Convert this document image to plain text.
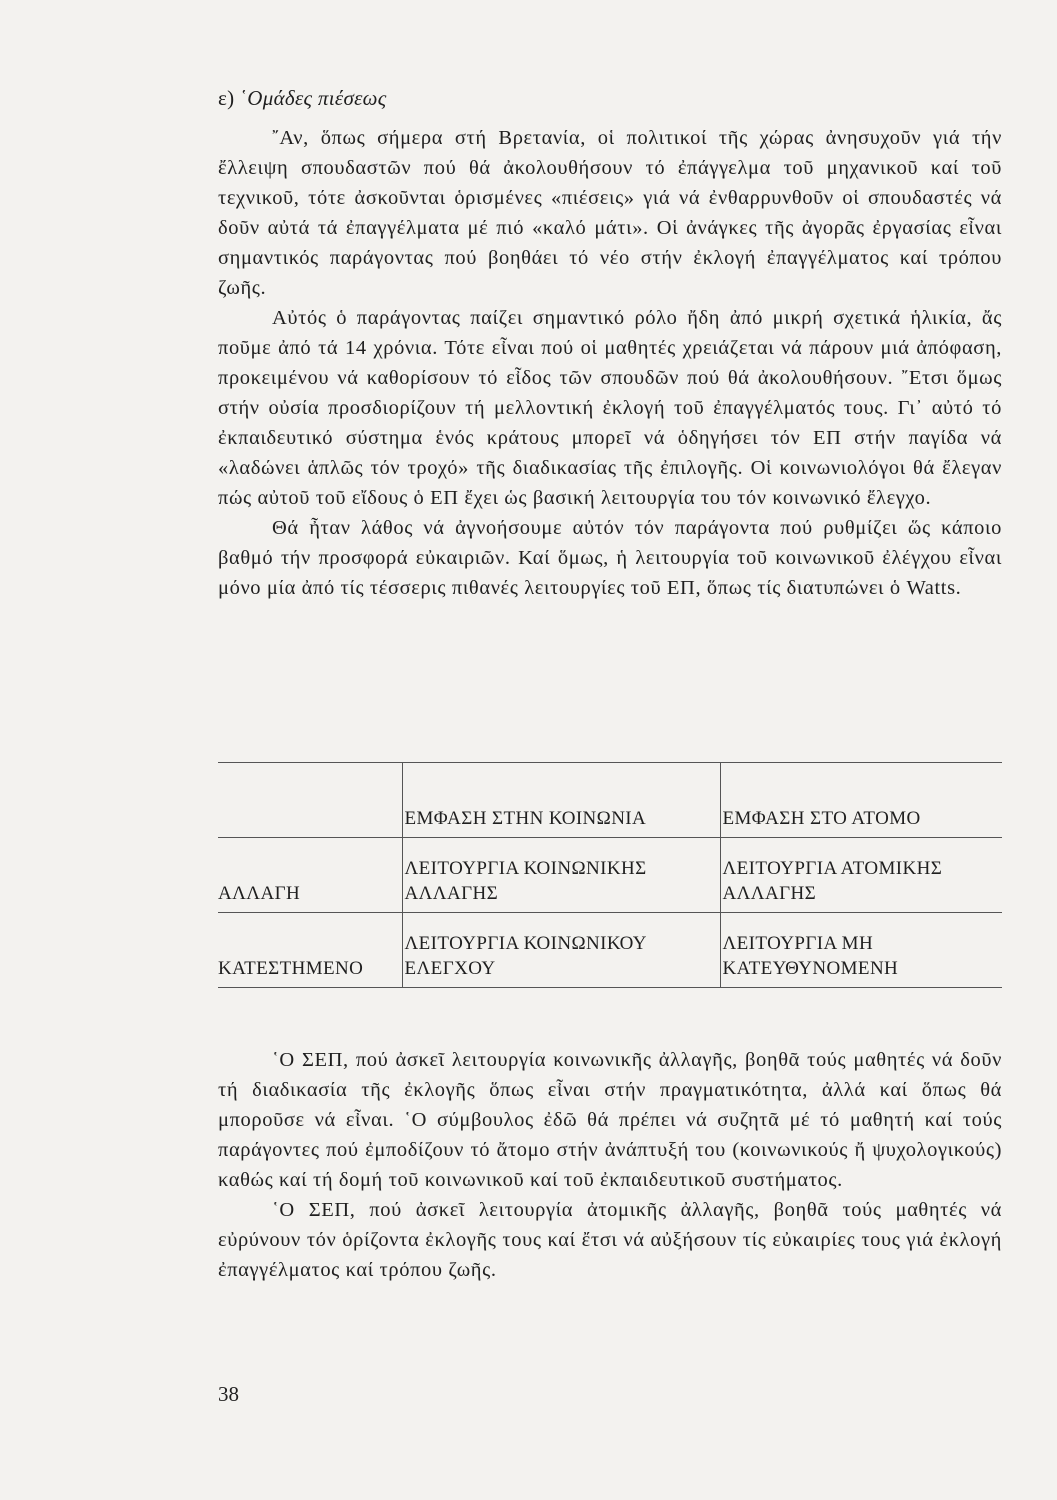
ε) ῾Ομάδες πιέσεως

῎Αν, ὅπως σήμερα στή Βρετανία, οἱ πολιτικοί τῆς χώρας ἀνησυχοῦν γιά τήν ἔλλειψη σπουδαστῶν πού θά ἀκολουθήσουν τό ἐπάγγελμα τοῦ μηχανικοῦ καί τοῦ τεχνικοῦ, τότε ἀσκοῦνται ὁρισμένες «πιέσεις» γιά νά ἐνθαρρυνθοῦν οἱ σπουδαστές νά δοῦν αὐτά τά ἐπαγγέλματα μέ πιό «καλό μάτι». Οἱ ἀνάγκες τῆς ἀγορᾶς ἐργασίας εἶναι σημαντικός παράγοντας πού βοηθάει τό νέο στήν ἐκλογή ἐπαγγέλματος καί τρόπου ζωῆς.

Αὐτός ὁ παράγοντας παίζει σημαντικό ρόλο ἤδη ἀπό μικρή σχετικά ἡλικία, ἄς ποῦμε ἀπό τά 14 χρόνια. Τότε εἶναι πού οἱ μαθητές χρειάζεται νά πάρουν μιά ἀπόφαση, προκειμένου νά καθορίσουν τό εἶδος τῶν σπουδῶν πού θά ἀκολουθήσουν. ῎Ετσι ὅμως στήν οὐσία προσδιορίζουν τή μελλοντική ἐκλογή τοῦ ἐπαγγέλματός τους. Γι᾽ αὐτό τό ἐκπαιδευτικό σύστημα ἑνός κράτους μπορεῖ νά ὁδηγήσει τόν ΕΠ στήν παγίδα νά «λαδώνει ἁπλῶς τόν τροχό» τῆς διαδικασίας τῆς ἐπιλογῆς. Οἱ κοινωνιολόγοι θά ἔλεγαν πώς αὐτοῦ τοῦ εἴδους ὁ ΕΠ ἔχει ὡς βασική λειτουργία του τόν κοινωνικό ἔλεγχο.

Θά ἦταν λάθος νά ἀγνοήσουμε αὐτόν τόν παράγοντα πού ρυθμίζει ὥς κάποιο βαθμό τήν προσφορά εὐκαιριῶν. Καί ὅμως, ἡ λειτουργία τοῦ κοινωνικοῦ ἐλέγχου εἶναι μόνο μία ἀπό τίς τέσσερις πιθανές λειτουργίες τοῦ ΕΠ, ὅπως τίς διατυπώνει ὁ Watts.

	ΕΜΦΑΣΗ ΣΤΗΝ ΚΟΙΝΩΝΙΑ	ΕΜΦΑΣΗ ΣΤΟ ΑΤΟΜΟ
ΑΛΛΑΓΗ	ΛΕΙΤΟΥΡΓΙΑ ΚΟΙΝΩΝΙΚΗΣ ΑΛΛΑΓΗΣ	ΛΕΙΤΟΥΡΓΙΑ ΑΤΟΜΙΚΗΣ ΑΛΛΑΓΗΣ
ΚΑΤΕΣΤΗΜΕΝΟ	ΛΕΙΤΟΥΡΓΙΑ ΚΟΙΝΩΝΙΚΟΥ ΕΛΕΓΧΟΥ	ΛΕΙΤΟΥΡΓΙΑ ΜΗ ΚΑΤΕΥΘΥΝΟΜΕΝΗ

῾Ο ΣΕΠ, πού ἀσκεῖ λειτουργία κοινωνικῆς ἀλλαγῆς, βοηθᾶ τούς μαθητές νά δοῦν τή διαδικασία τῆς ἐκλογῆς ὅπως εἶναι στήν πραγματικότητα, ἀλλά καί ὅπως θά μποροῦσε νά εἶναι. ῾Ο σύμβουλος ἐδῶ θά πρέπει νά συζητᾶ μέ τό μαθητή καί τούς παράγοντες πού ἐμποδίζουν τό ἄτομο στήν ἀνάπτυξή του (κοινωνικούς ἤ ψυχολογικούς) καθώς καί τή δομή τοῦ κοινωνικοῦ καί τοῦ ἐκπαιδευτικοῦ συστήματος.

῾Ο ΣΕΠ, πού ἀσκεῖ λειτουργία ἀτομικῆς ἀλλαγῆς, βοηθᾶ τούς μαθητές νά εὐρύνουν τόν ὁρίζοντα ἐκλογῆς τους καί ἔτσι νά αὐξήσουν τίς εὐκαιρίες τους γιά ἐκλογή ἐπαγγέλματος καί τρόπου ζωῆς.

38
